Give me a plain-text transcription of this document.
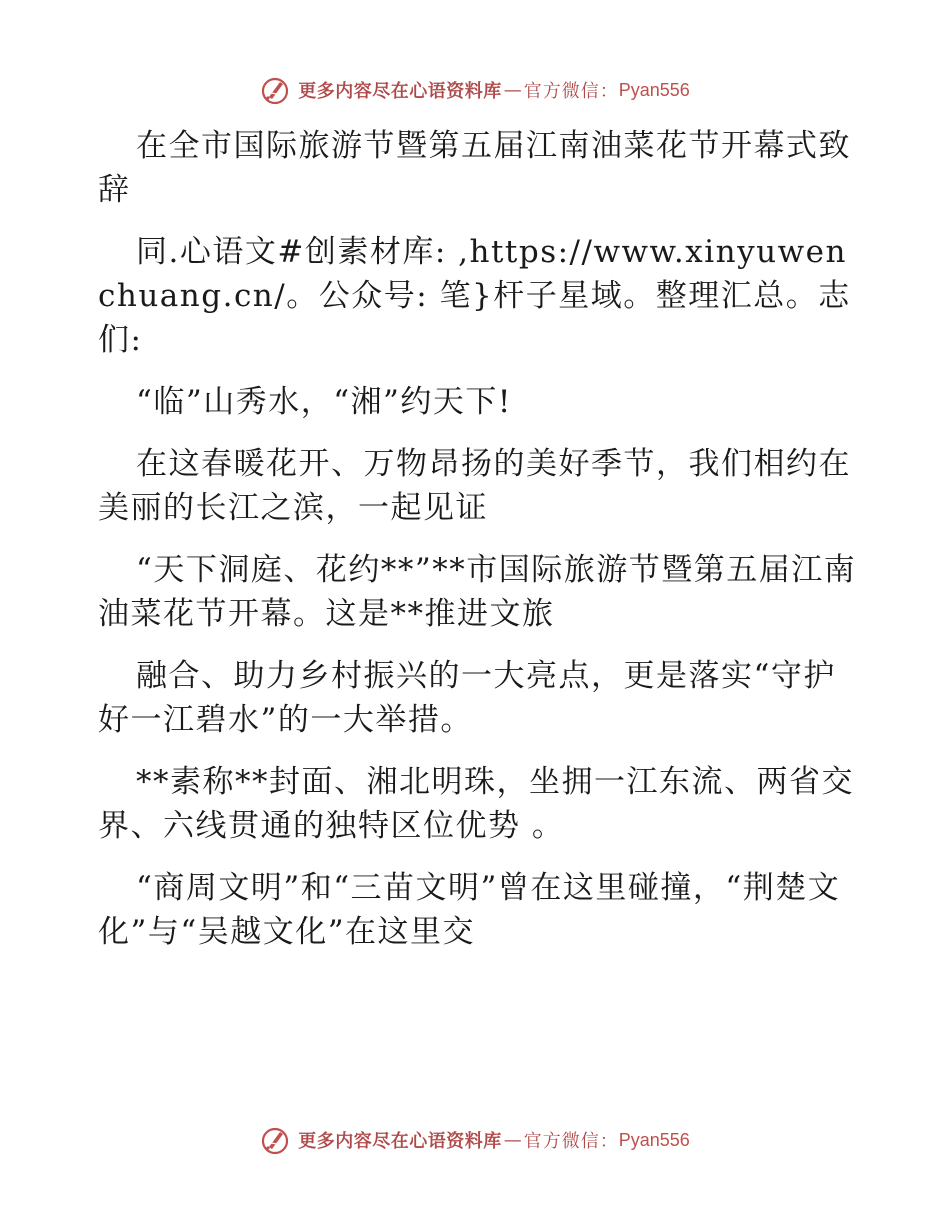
更多内容尽在心语资料库 — 官方微信： Pyan556

在全市国际旅游节暨第五届江南油菜花节开幕式致辞

同.心语文#创素材库: ,https://www.xinyuwenchuang.cn/。公众号: 笔}杆子星域。整理汇总。志们:

“临”山秀水，“湘”约天下!

在这春暖花开、万物昂扬的美好季节，我们相约在美丽的长江之滨，一起见证

“天下洞庭、花约**”**市国际旅游节暨第五届江南油菜花节开幕。这是**推进文旅

融合、助力乡村振兴的一大亮点，更是落实“守护好一江碧水”的一大举措。

**素称**封面、湘北明珠，坐拥一江东流、两省交界、六线贯通的独特区位优势 。

“商周文明”和“三苗文明”曾在这里碰撞，“荆楚文化”与“吴越文化”在这里交

更多内容尽在心语资料库 — 官方微信： Pyan556
